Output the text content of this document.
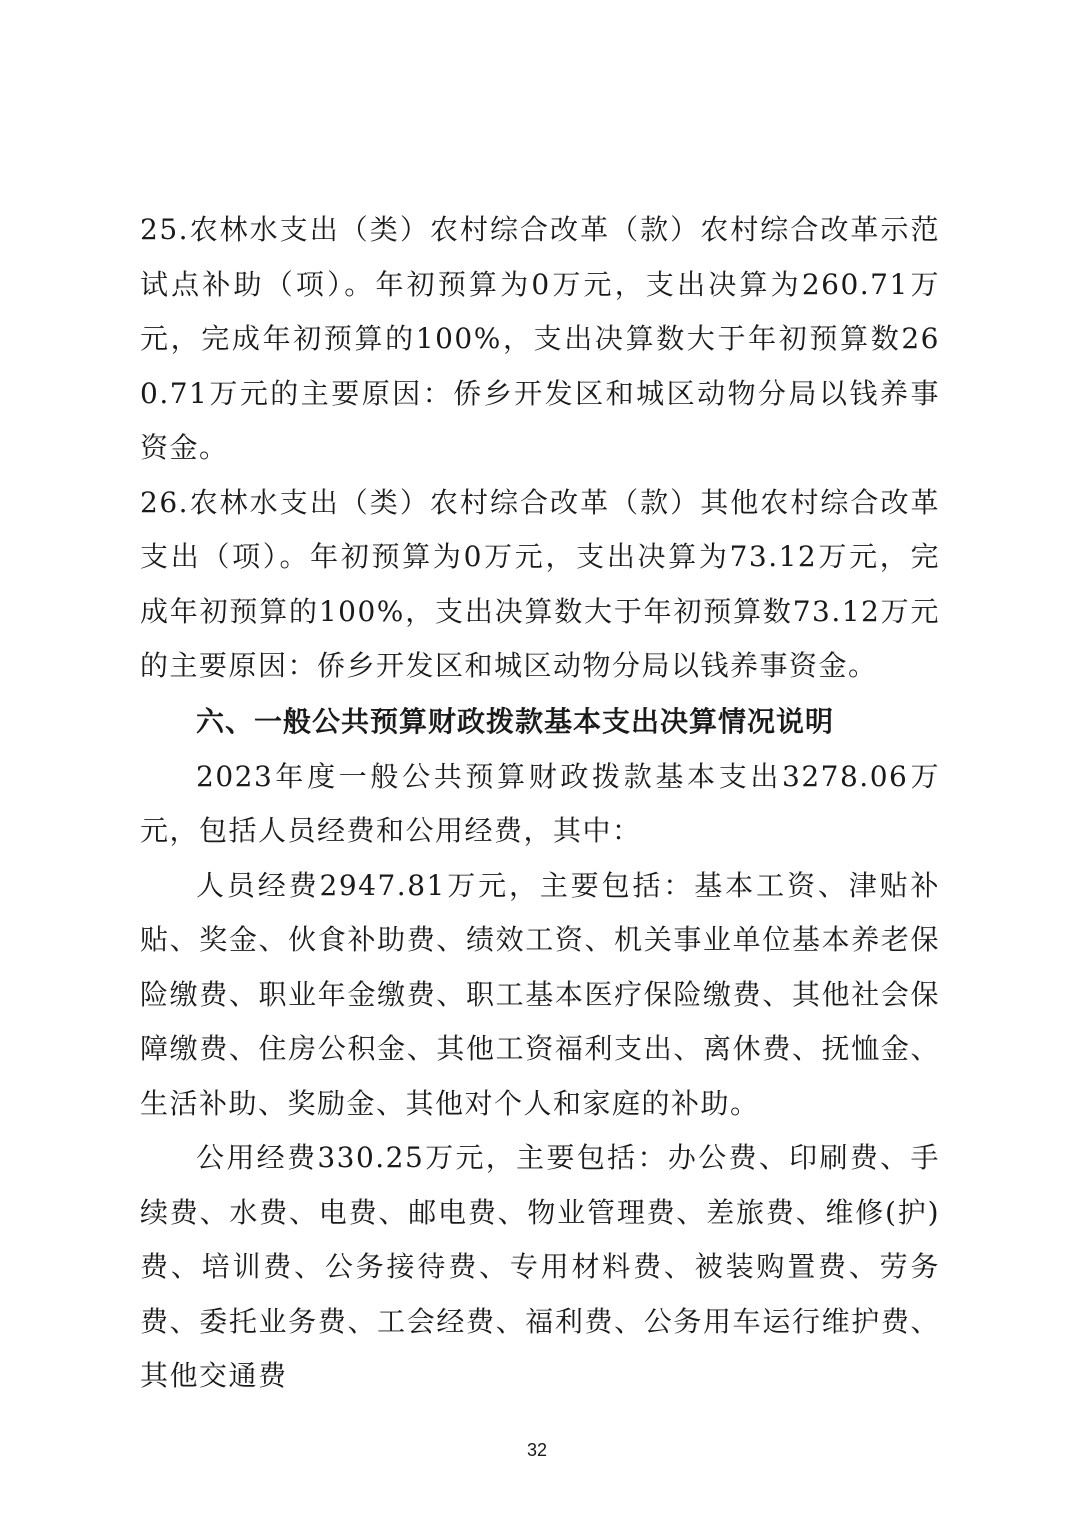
25.农林水支出（类）农村综合改革（款）农村综合改革示范试点补助（项）。年初预算为0万元，支出决算为260.71万元，完成年初预算的100%，支出决算数大于年初预算数260.71万元的主要原因：侨乡开发区和城区动物分局以钱养事资金。

26.农林水支出（类）农村综合改革（款）其他农村综合改革支出（项）。年初预算为0万元，支出决算为73.12万元，完成年初预算的100%，支出决算数大于年初预算数73.12万元的主要原因：侨乡开发区和城区动物分局以钱养事资金。

六、一般公共预算财政拨款基本支出决算情况说明

2023年度一般公共预算财政拨款基本支出3278.06万元，包括人员经费和公用经费，其中：

人员经费2947.81万元，主要包括：基本工资、津贴补贴、奖金、伙食补助费、绩效工资、机关事业单位基本养老保险缴费、职业年金缴费、职工基本医疗保险缴费、其他社会保障缴费、住房公积金、其他工资福利支出、离休费、抚恤金、生活补助、奖励金、其他对个人和家庭的补助。

公用经费330.25万元，主要包括：办公费、印刷费、手续费、水费、电费、邮电费、物业管理费、差旅费、维修(护)费、培训费、公务接待费、专用材料费、被装购置费、劳务费、委托业务费、工会经费、福利费、公务用车运行维护费、其他交通费

32
